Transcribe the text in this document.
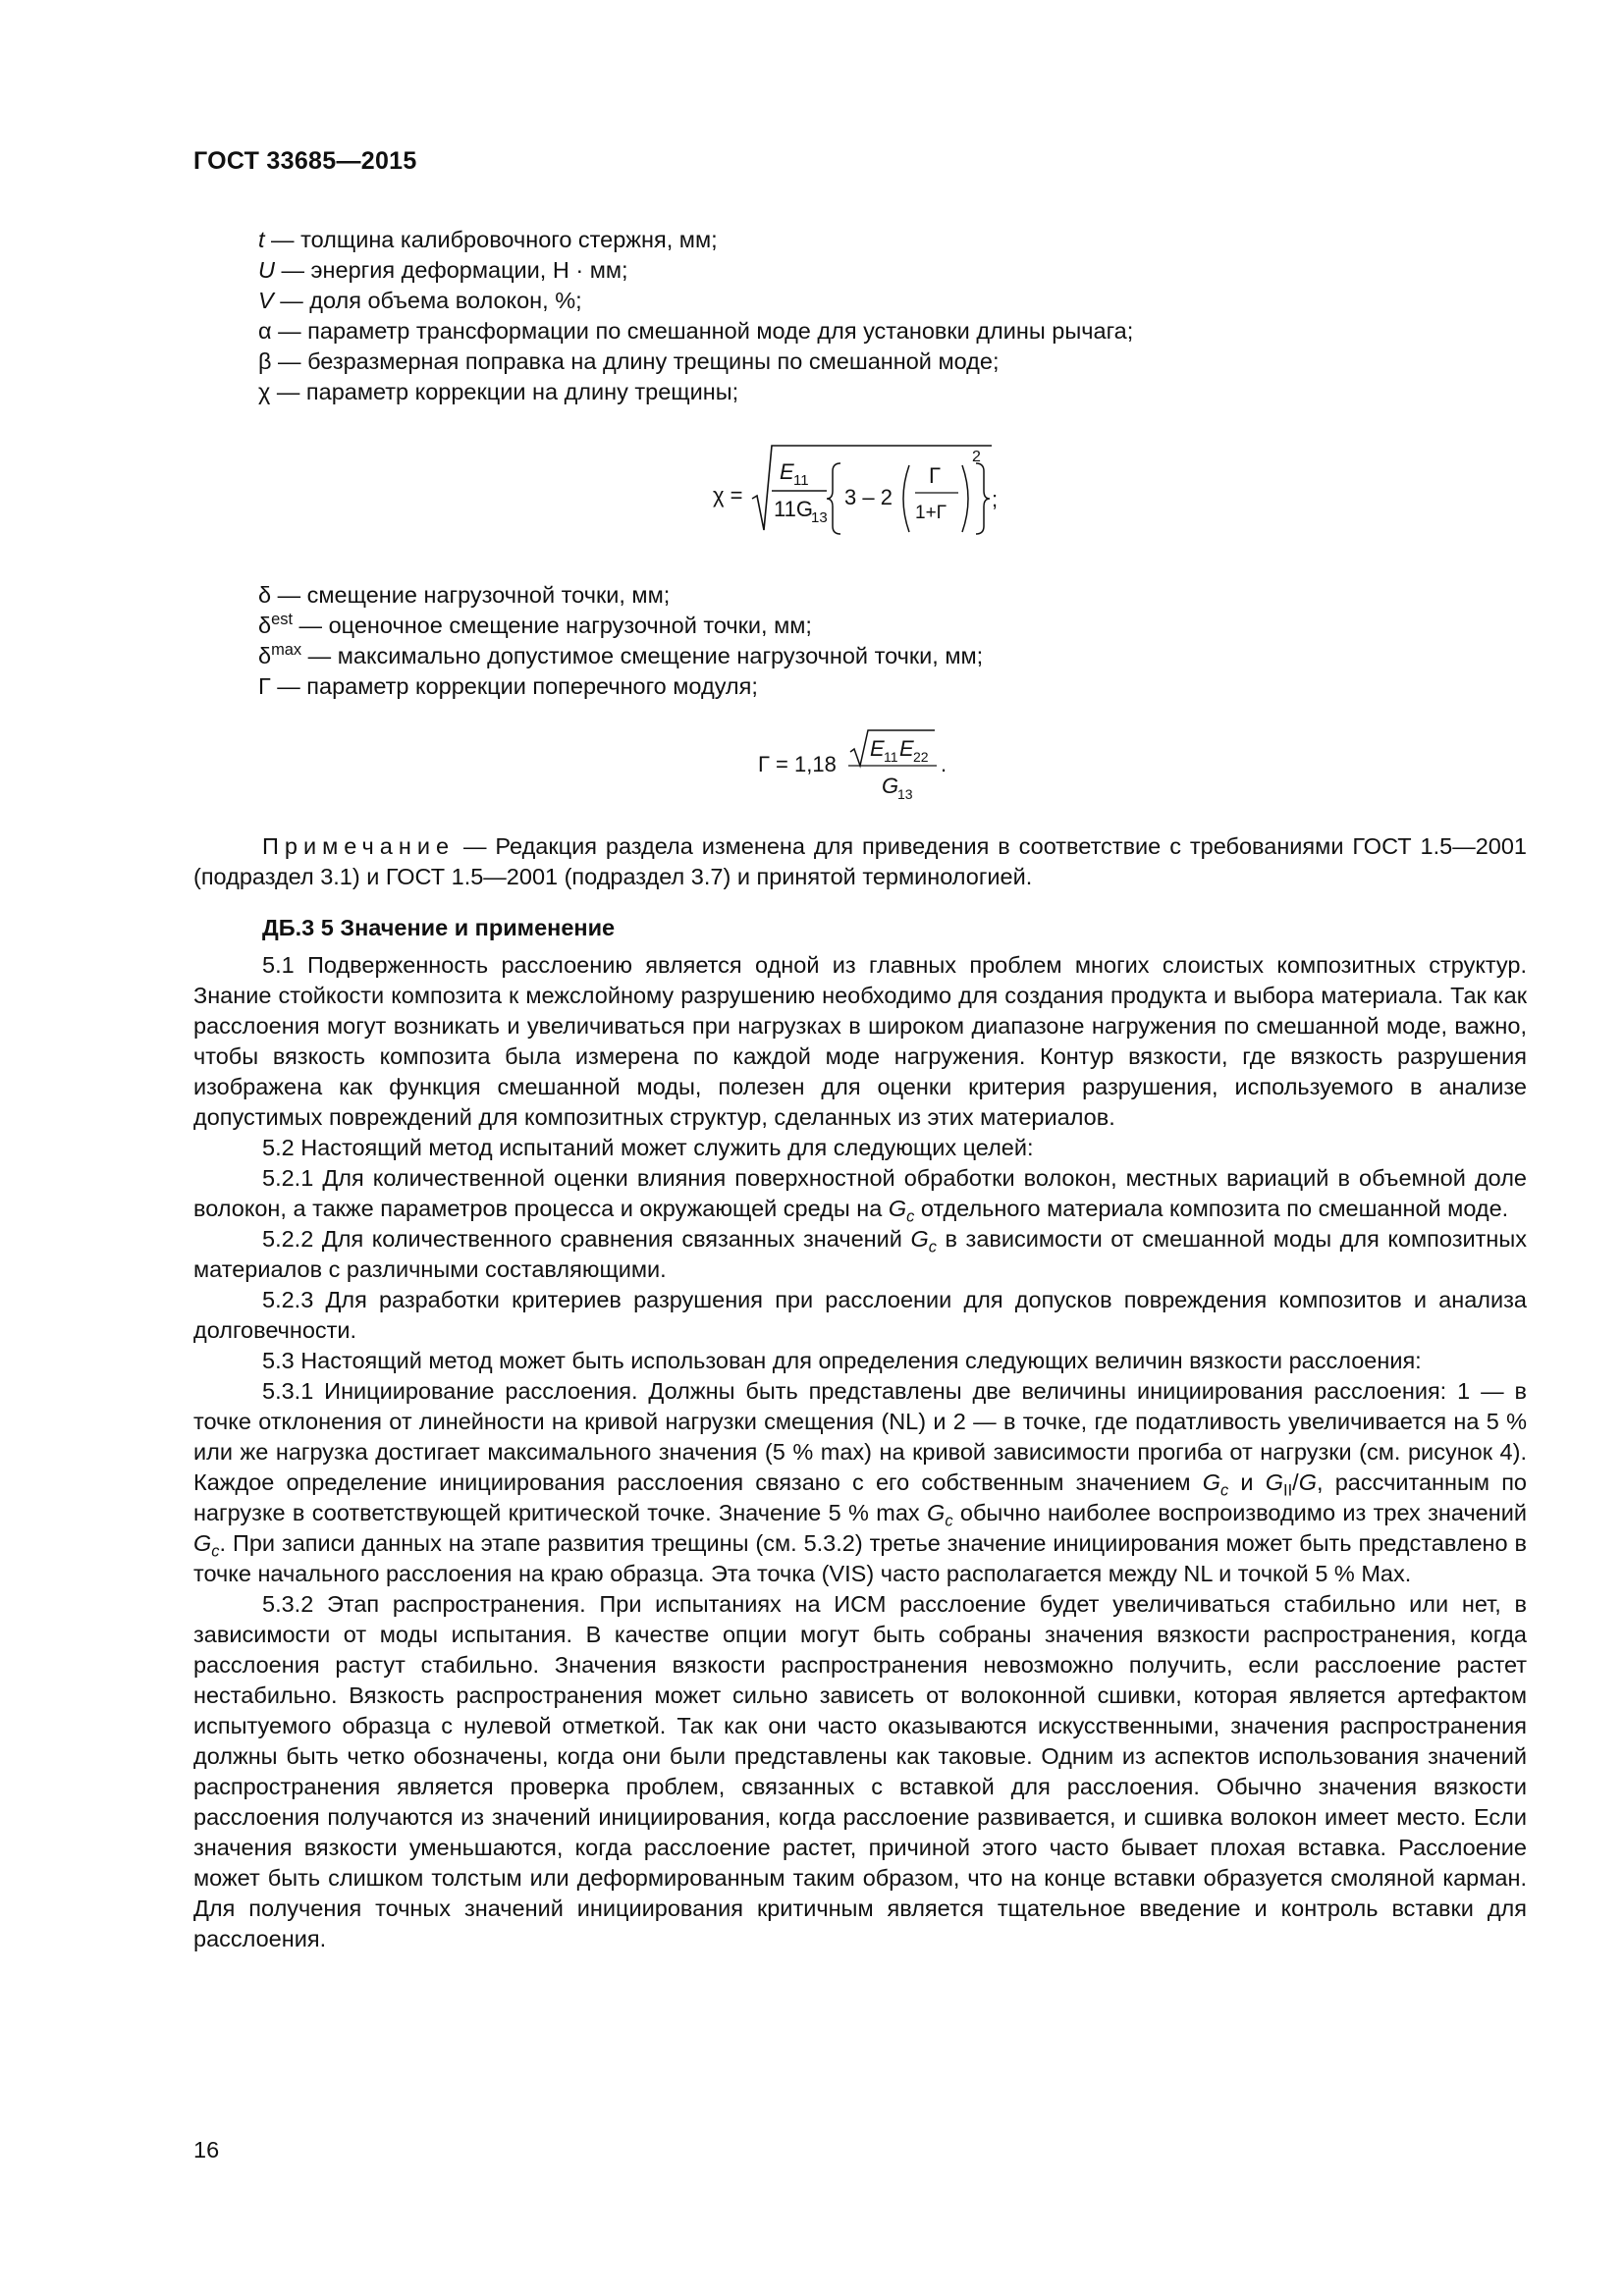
ГОСТ 33685—2015
t — толщина калибровочного стержня, мм;
U — энергия деформации, Н · мм;
V — доля объема волокон, %;
α — параметр трансформации по смешанной моде для установки длины рычага;
β — безразмерная поправка на длину трещины по смешанной моде;
χ — параметр коррекции на длину трещины;
χ =
E 11
11G
13
3 – 2
Г
1+Г
2
;
δ — смещение нагрузочной точки, мм;
$\delta^{est}$ — оценочное смещение нагрузочной точки, мм;
$\delta^{max}$ — максимально допустимое смещение нагрузочной точки, мм;
Г — параметр коррекции поперечного модуля;
Г = 1,18
E 11 E 22
G
13
.

Примечание — Редакция раздела изменена для приведения в соответствие с требованиями ГОСТ 1.5—2001 (подраздел 3.1) и ГОСТ 1.5—2001 (подраздел 3.7) и принятой терминологией.

ДБ.3 5 Значение и применение

5.1 Подверженность расслоению является одной из главных проблем многих слоистых композитных структур. Знание стойкости композита к межслойному разрушению необходимо для создания продукта и выбора материала. Так как расслоения могут возникать и увеличиваться при нагрузках в широком диапазоне нагружения по смешанной моде, важно, чтобы вязкость композита была измерена по каждой моде нагружения. Контур вязкости, где вязкость разрушения изображена как функция смешанной моды, полезен для оценки критерия разрушения, используемого в анализе допустимых повреждений для композитных структур, сделанных из этих материалов.

5.2 Настоящий метод испытаний может служить для следующих целей:

5.2.1 Для количественной оценки влияния поверхностной обработки волокон, местных вариаций в объемной доле волокон, а также параметров процесса и окружающей среды на $G_c$ отдельного материала композита по смешанной моде.

5.2.2 Для количественного сравнения связанных значений $G_c$ в зависимости от смешанной моды для композитных материалов с различными составляющими.

5.2.3 Для разработки критериев разрушения при расслоении для допусков повреждения композитов и анализа долговечности.

5.3 Настоящий метод может быть использован для определения следующих величин вязкости расслоения:

5.3.1 Инициирование расслоения. Должны быть представлены две величины инициирования расслоения: 1 — в точке отклонения от линейности на кривой нагрузки смещения (NL) и 2 — в точке, где податливость увеличивается на 5 % или же нагрузка достигает максимального значения (5 % max) на кривой зависимости прогиба от нагрузки (см. рисунок 4). Каждое определение инициирования расслоения связано с его собственным значением $G_c$ и $G_{II}/G$, рассчитанным по нагрузке в соответствующей критической точке. Значение 5 % $\max G_c$ обычно наиболее воспроизводимо из трех значений $G_c$. При записи данных на этапе развития трещины (см. 5.3.2) третье значение инициирования может быть представлено в точке начального расслоения на краю образца. Эта точка (VIS) часто располагается между NL и точкой 5 % Max.

5.3.2 Этап распространения. При испытаниях на ИСМ расслоение будет увеличиваться стабильно или нет, в зависимости от моды испытания. В качестве опции могут быть собраны значения вязкости распространения, когда расслоения растут стабильно. Значения вязкости распространения невозможно получить, если расслоение растет нестабильно. Вязкость распространения может сильно зависеть от волоконной сшивки, которая является артефактом испытуемого образца с нулевой отметкой. Так как они часто оказываются искусственными, значения распространения должны быть четко обозначены, когда они были представлены как таковые. Одним из аспектов использования значений распространения является проверка проблем, связанных с вставкой для расслоения. Обычно значения вязкости расслоения получаются из значений инициирования, когда расслоение развивается, и сшивка волокон имеет место. Если значения вязкости уменьшаются, когда расслоение растет, причиной этого часто бывает плохая вставка. Расслоение может быть слишком толстым или деформированным таким образом, что на конце вставки образуется смоляной карман. Для получения точных значений инициирования критичным является тщательное введение и контроль вставки для расслоения.

16
